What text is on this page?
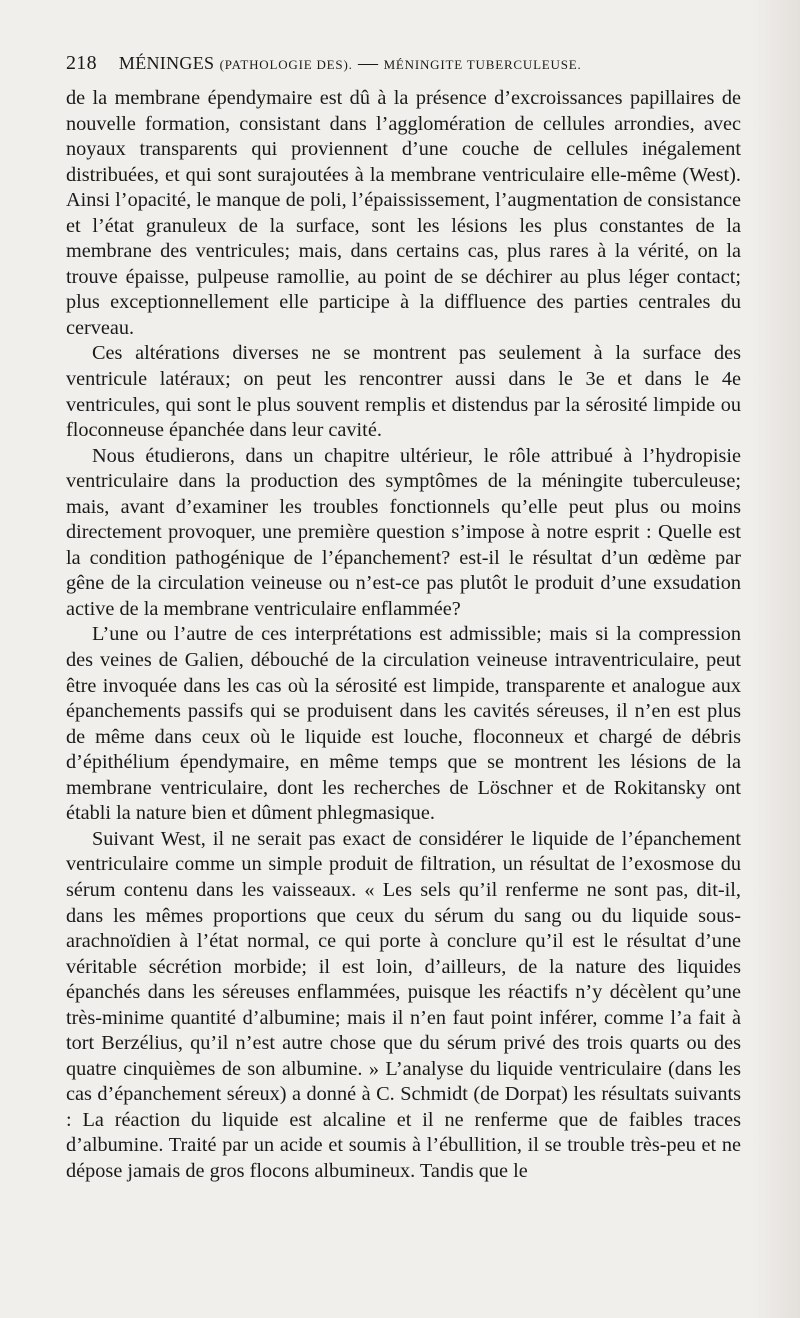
218 MÉNINGES (PATHOLOGIE DES). — MÉNINGITE TUBERCULEUSE.

de la membrane épendymaire est dû à la présence d’excroissances papillaires de nouvelle formation, consistant dans l’agglomération de cellules arrondies, avec noyaux transparents qui proviennent d’une couche de cellules inégalement distribuées, et qui sont surajoutées à la membrane ventriculaire elle-même (West). Ainsi l’opacité, le manque de poli, l’épaississement, l’augmentation de consistance et l’état granuleux de la surface, sont les lésions les plus constantes de la membrane des ventricules; mais, dans certains cas, plus rares à la vérité, on la trouve épaisse, pulpeuse ramollie, au point de se déchirer au plus léger contact; plus exceptionnellement elle participe à la diffluence des parties centrales du cerveau.

Ces altérations diverses ne se montrent pas seulement à la surface des ventricule latéraux; on peut les rencontrer aussi dans le 3e et dans le 4e ventricules, qui sont le plus souvent remplis et distendus par la sérosité limpide ou floconneuse épanchée dans leur cavité.

Nous étudierons, dans un chapitre ultérieur, le rôle attribué à l’hydropisie ventriculaire dans la production des symptômes de la méningite tuberculeuse; mais, avant d’examiner les troubles fonctionnels qu’elle peut plus ou moins directement provoquer, une première question s’impose à notre esprit : Quelle est la condition pathogénique de l’épanchement? est-il le résultat d’un œdème par gêne de la circulation veineuse ou n’est-ce pas plutôt le produit d’une exsudation active de la membrane ventriculaire enflammée?

L’une ou l’autre de ces interprétations est admissible; mais si la compression des veines de Galien, débouché de la circulation veineuse intraventriculaire, peut être invoquée dans les cas où la sérosité est limpide, transparente et analogue aux épanchements passifs qui se produisent dans les cavités séreuses, il n’en est plus de même dans ceux où le liquide est louche, floconneux et chargé de débris d’épithélium épendymaire, en même temps que se montrent les lésions de la membrane ventriculaire, dont les recherches de Löschner et de Rokitansky ont établi la nature bien et dûment phlegmasique.

Suivant West, il ne serait pas exact de considérer le liquide de l’épanchement ventriculaire comme un simple produit de filtration, un résultat de l’exosmose du sérum contenu dans les vaisseaux. « Les sels qu’il renferme ne sont pas, dit-il, dans les mêmes proportions que ceux du sérum du sang ou du liquide sous-arachnoïdien à l’état normal, ce qui porte à conclure qu’il est le résultat d’une véritable sécrétion morbide; il est loin, d’ailleurs, de la nature des liquides épanchés dans les séreuses enflammées, puisque les réactifs n’y décèlent qu’une très-minime quantité d’albumine; mais il n’en faut point inférer, comme l’a fait à tort Berzélius, qu’il n’est autre chose que du sérum privé des trois quarts ou des quatre cinquièmes de son albumine. » L’analyse du liquide ventriculaire (dans les cas d’épanchement séreux) a donné à C. Schmidt (de Dorpat) les résultats suivants : La réaction du liquide est alcaline et il ne renferme que de faibles traces d’albumine. Traité par un acide et soumis à l’ébullition, il se trouble très-peu et ne dépose jamais de gros flocons albumineux. Tandis que le
